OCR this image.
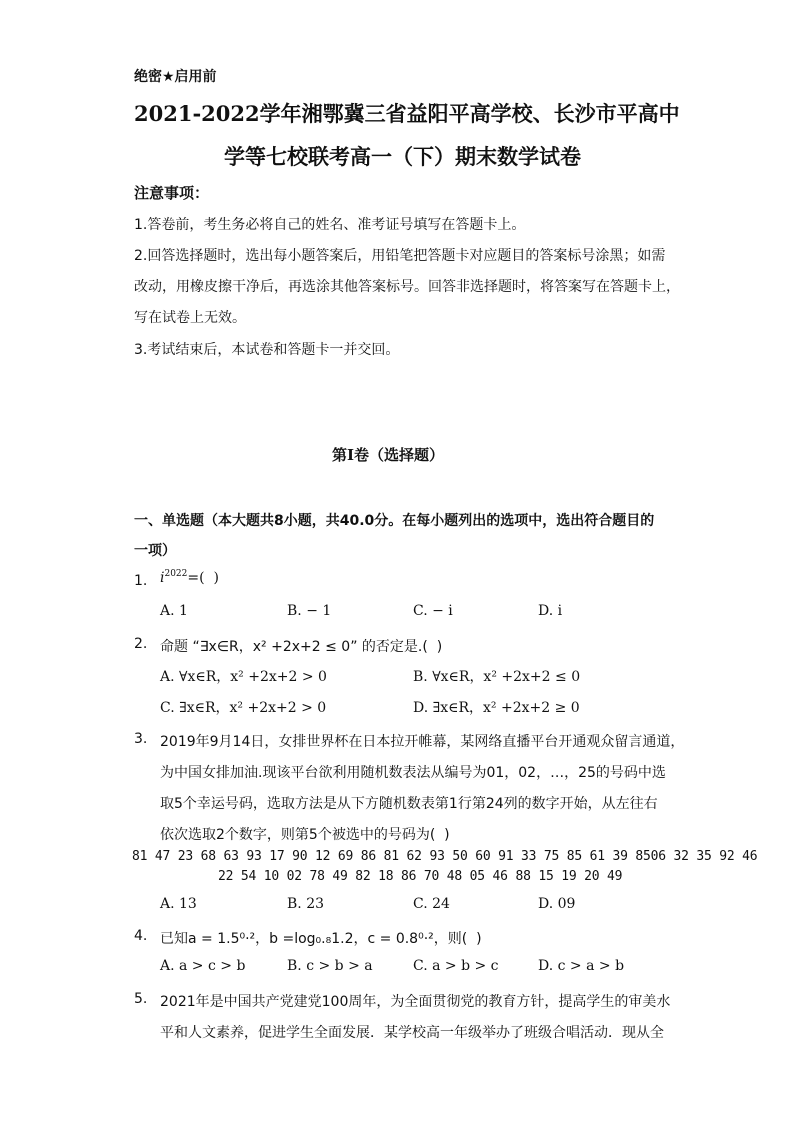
绝密★启用前
2021-2022学年湘鄂冀三省益阳平高学校、长沙市平高中
学等七校联考高一（下）期末数学试卷
注意事项：
1.答卷前，考生务必将自己的姓名、准考证号填写在答题卡上。
2.回答选择题时，选出每小题答案后，用铅笔把答题卡对应题目的答案标号涂黑；如需
改动，用橡皮擦干净后，再选涂其他答案标号。回答非选择题时，将答案写在答题卡上，
写在试卷上无效。
3.考试结束后，本试卷和答题卡一并交回。
第Ⅰ卷（选择题）
一、单选题（本大题共8小题，共40.0分。在每小题列出的选项中，选出符合题目的
一项）
1. $i^{2022}=$(  )
A. 1	B. − 1	C. − i	D. i
2. 命题 “∃x∈R，x² +2x+2 ≤ 0” 的否定是.(  )
A. ∀x∈R，x² +2x+2 > 0	B. ∀x∈R，x² +2x+2 ≤ 0
C. ∃x∈R，x² +2x+2 > 0	D. ∃x∈R，x² +2x+2 ≥ 0
3. 2019年9月14日，女排世界杯在日本拉开帷幕，某网络直播平台开通观众留言通道，
为中国女排加油.现该平台欲利用随机数表法从编号为01，02，…，25的号码中选
取5个幸运号码，选取方法是从下方随机数表第1行第24列的数字开始，从左往右
依次选取2个数字，则第5个被选中的号码为(  )
81 47 23 68 63 93 17 90 12 69 86 81 62 93 50 60 91 33 75 85 61 39 8506 32 35 92 46
22 54 10 02 78 49 82 18 86 70 48 05 46 88 15 19 20 49
A. 13	B. 23	C. 24	D. 09
4. 已知a = 1.5⁰·²，b =log₀.₈1.2，c = 0.8⁰·²，则(  )
A. a > c > b	B. c > b > a	C. a > b > c	D. c > a > b
5. 2021年是中国共产党建党100周年，为全面贯彻党的教育方针，提高学生的审美水
平和人文素养，促进学生全面发展．某学校高一年级举办了班级合唱活动．现从全
